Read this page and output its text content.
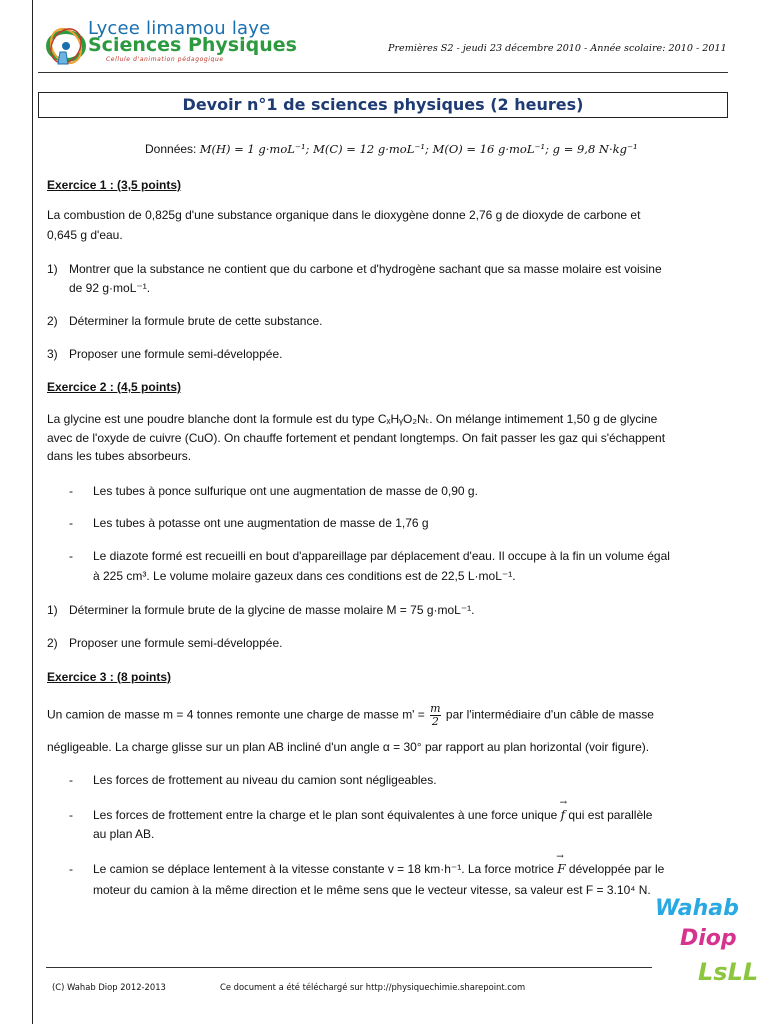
Lycee limamou laye
Sciences Physiques
Cellule d'animation pédagogique
Premières S2 - jeudi 23 décembre 2010 - Année scolaire: 2010 - 2011
Devoir n°1 de sciences physiques (2 heures)
Données: M(H) = 1 g·moL⁻¹; M(C) = 12 g·moL⁻¹; M(O) = 16 g·moL⁻¹; g = 9,8 N·kg⁻¹
Exercice 1 : (3,5 points)
La combustion de 0,825g d'une substance organique dans le dioxygène donne 2,76 g de dioxyde de carbone et
0,645 g d'eau.
1) Montrer que la substance ne contient que du carbone et d'hydrogène sachant que sa masse molaire est voisine
de 92 g·moL⁻¹.
2) Déterminer la formule brute de cette substance.
3) Proposer une formule semi-développée.
Exercice 2 : (4,5 points)
La glycine est une poudre blanche dont la formule est du type CₓHᵧO₂Nₜ. On mélange intimement 1,50 g de glycine
avec de l'oxyde de cuivre (CuO). On chauffe fortement et pendant longtemps. On fait passer les gaz qui s'échappent
dans les tubes absorbeurs.
- Les tubes à ponce sulfurique ont une augmentation de masse de 0,90 g.
- Les tubes à potasse ont une augmentation de masse de 1,76 g
- Le diazote formé est recueilli en bout d'appareillage par déplacement d'eau. Il occupe à la fin un volume égal
à 225 cm³. Le volume molaire gazeux dans ces conditions est de 22,5 L·moL⁻¹.
1) Déterminer la formule brute de la glycine de masse molaire M = 75 g·moL⁻¹.
2) Proposer une formule semi-développée.
Exercice 3 : (8 points)
Un camion de masse m = 4 tonnes remonte une charge de masse $m' = \frac{m}{2}$ par l'intermédiaire d'un câble de masse
négligeable. La charge glisse sur un plan AB incliné d'un angle α = 30° par rapport au plan horizontal (voir figure).
- Les forces de frottement au niveau du camion sont négligeables.
- Les forces de frottement entre la charge et le plan sont équivalentes à une force unique → f qui est parallèle
au plan AB.
- Le camion se déplace lentement à la vitesse constante v = 18 km·h⁻¹. La force motrice → F développée par le
moteur du camion à la même direction et le même sens que le vecteur vitesse, sa valeur est F = 3.10⁴ N.
Wahab
Diop
LsLL
(C) Wahab Diop 2012-2013	Ce document a été téléchargé sur http://physiquechimie.sharepoint.com
